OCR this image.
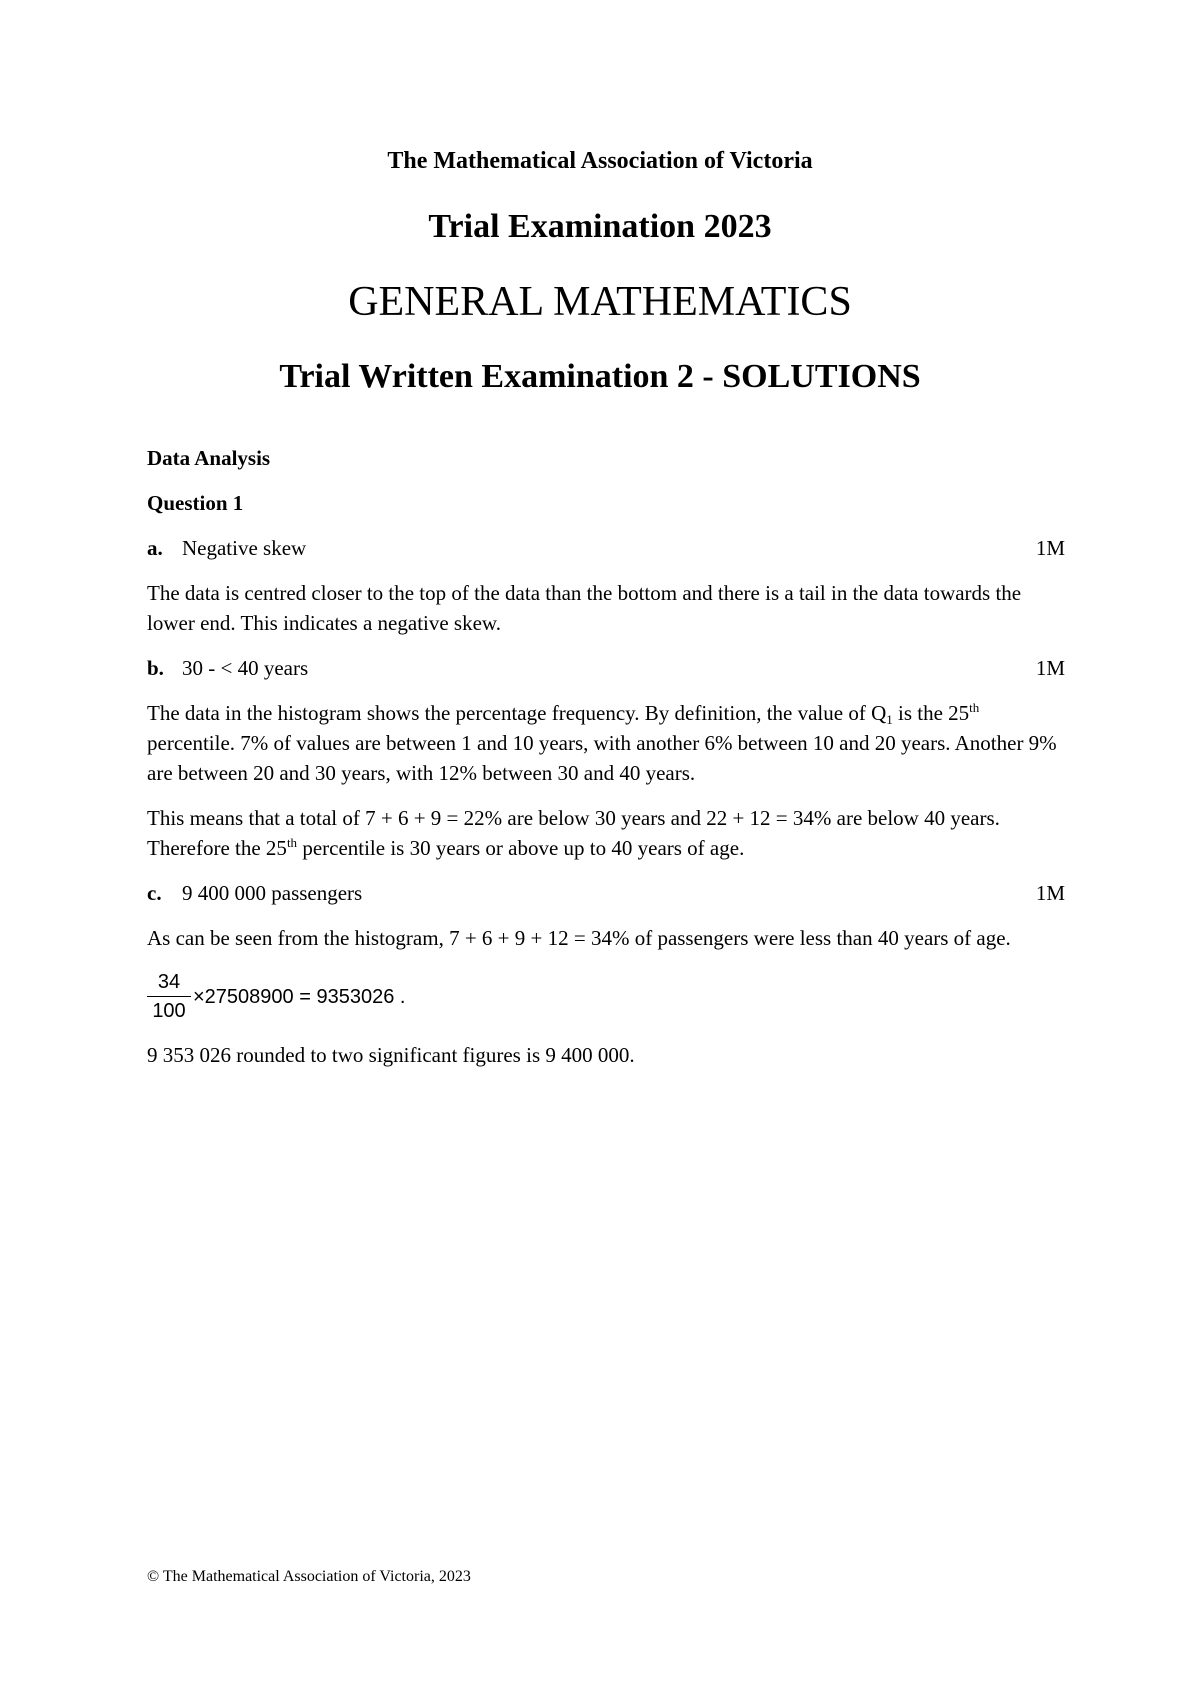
The Mathematical Association of Victoria
Trial Examination 2023
GENERAL MATHEMATICS
Trial Written Examination 2 - SOLUTIONS
Data Analysis
Question 1
a. Negative skew	1M
The data is centred closer to the top of the data than the bottom and there is a tail in the data towards the lower end. This indicates a negative skew.
b. 30 - < 40 years	1M
The data in the histogram shows the percentage frequency. By definition, the value of $Q_1$ is the 25th percentile. 7% of values are between 1 and 10 years, with another 6% between 10 and 20 years. Another 9% are between 20 and 30 years, with 12% between 30 and 40 years.
This means that a total of 7 + 6 + 9 = 22% are below 30 years and 22 + 12 = 34% are below 40 years. Therefore the 25th percentile is 30 years or above up to 40 years of age.
c. 9 400 000 passengers	1M
As can be seen from the histogram, 7 + 6 + 9 + 12 = 34% of passengers were less than 40 years of age.
$\frac{34}{100} \times 27508900 = 9353026$ .
9 353 026 rounded to two significant figures is 9 400 000.
© The Mathematical Association of Victoria, 2023
